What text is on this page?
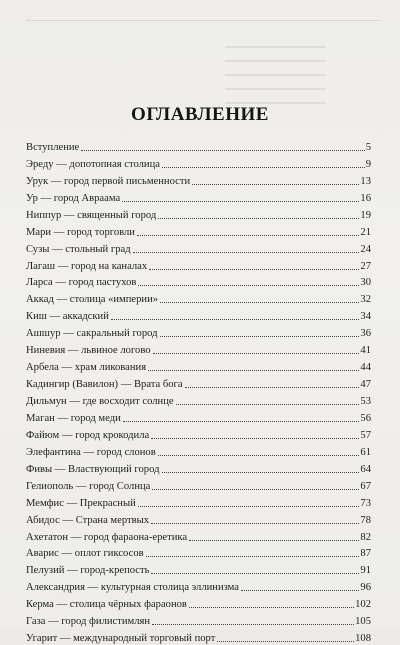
ОГЛАВЛЕНИЕ
Вступление	5
Эреду — допотопная столица	9
Урук — город первой письменности	13
Ур — город Авраама	16
Ниппур — священный город	19
Мари — город торговли	21
Сузы — стольный град	24
Лагаш — город на каналах	27
Ларса — город пастухов	30
Аккад — столица «империи»	32
Киш — аккадский	34
Ашшур — сакральный город	36
Ниневия — львиное логово	41
Арбела — храм ликования	44
Кадингир (Вавилон) — Врата бога	47
Дильмун — где восходит солнце	53
Маган — город меди	56
Файюм — город крокодила	57
Элефантина — город слонов	61
Фивы — Властвующий город	64
Гелиополь — город Солнца	67
Мемфис — Прекрасный	73
Абидос — Страна мертвых	78
Ахетатон — город фараона-еретика	82
Аварис — оплот гиксосов	87
Пелузий — город-крепость	91
Александрия — культурная столица эллинизма	96
Керма — столица чёрных фараонов	102
Газа — город филистимлян	105
Угарит — международный торговый порт	108
